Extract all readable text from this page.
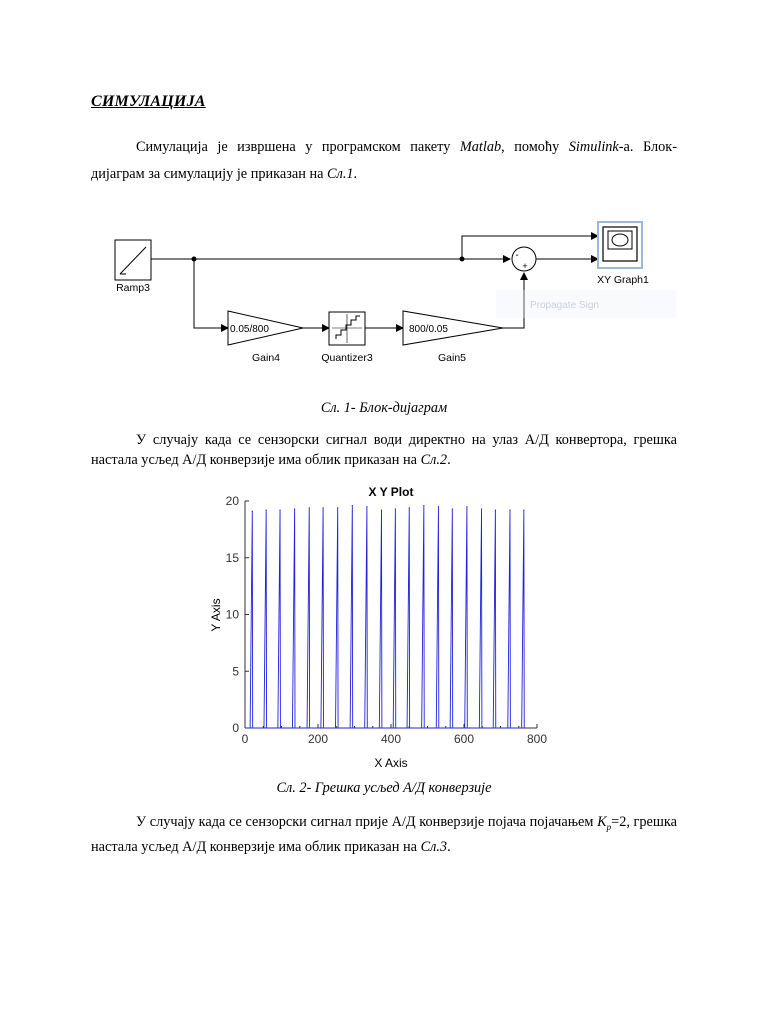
СИМУЛАЦИЈА

Симулација је извршена у програмском пакету Matlab, помоћу Simulink-а. Блок-дијаграм за симулацију је приказан на Сл.1.

Ramp3
-
+
XY Graph1
Propagate Sign
0.05/800
Gain4	Quantizer3
800/0.05
Gain5

Сл. 1- Блок-дијаграм

У случају када се сензорски сигнал води директно на улаз А/Д конвертора, грешка настала усљед А/Д конверзије има облик приказан на Сл.2.

X Y Plot
0	200	400	600	800
0
5
10
15
20
X Axis
Y Axis

Сл. 2- Грешка усљед А/Д конверзије

У случају када се сензорски сигнал прије А/Д конверзије појача појачањем $K_p=2$, грешка настала усљед А/Д конверзије има облик приказан на Сл.3.
